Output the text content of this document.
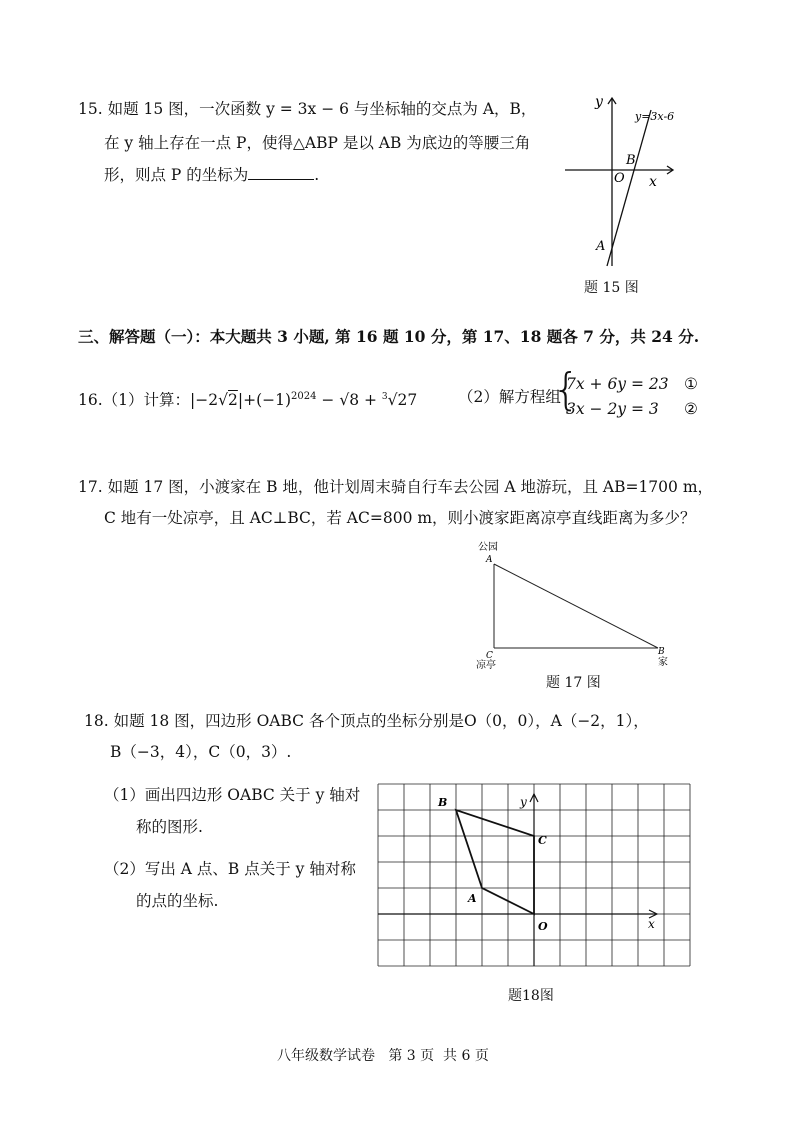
15. 如题 15 图，一次函数 y = 3x − 6 与坐标轴的交点为 A，B，
在 y 轴上存在一点 P，使得△ABP 是以 AB 为底边的等腰三角
形，则点 P 的坐标为	.
y
x
y=3x-6
B
O
A
题 15 图
三、解答题（一）：本大题共 3 小题, 第 16 题 10 分，第 17、18 题各 7 分，共 24 分.
16.（1）计算：$|-2√2|+(-1)^{2024} - √8 + ^3√27$	（2）解方程组
{
7x + 6y = 23
3x − 2y = 3
①
②
17. 如题 17 图，小渡家在 B 地，他计划周末骑自行车去公园 A 地游玩，且 AB=1700 m，
C 地有一处凉亭，且 AC⊥BC，若 AC=800 m，则小渡家距离凉亭直线距离为多少？
公园
A
C
凉亭
B
家
题 17 图
18. 如题 18 图，四边形 OABC 各个顶点的坐标分别是O（0，0），A（−2，1），
B（−3，4），C（0，3）.
（1）画出四边形 OABC 关于 y 轴对
称的图形.
（2）写出 A 点、B 点关于 y 轴对称
的点的坐标.
B	y
C
A
O	x
题18图
八年级数学试卷   第 3 页  共 6 页
